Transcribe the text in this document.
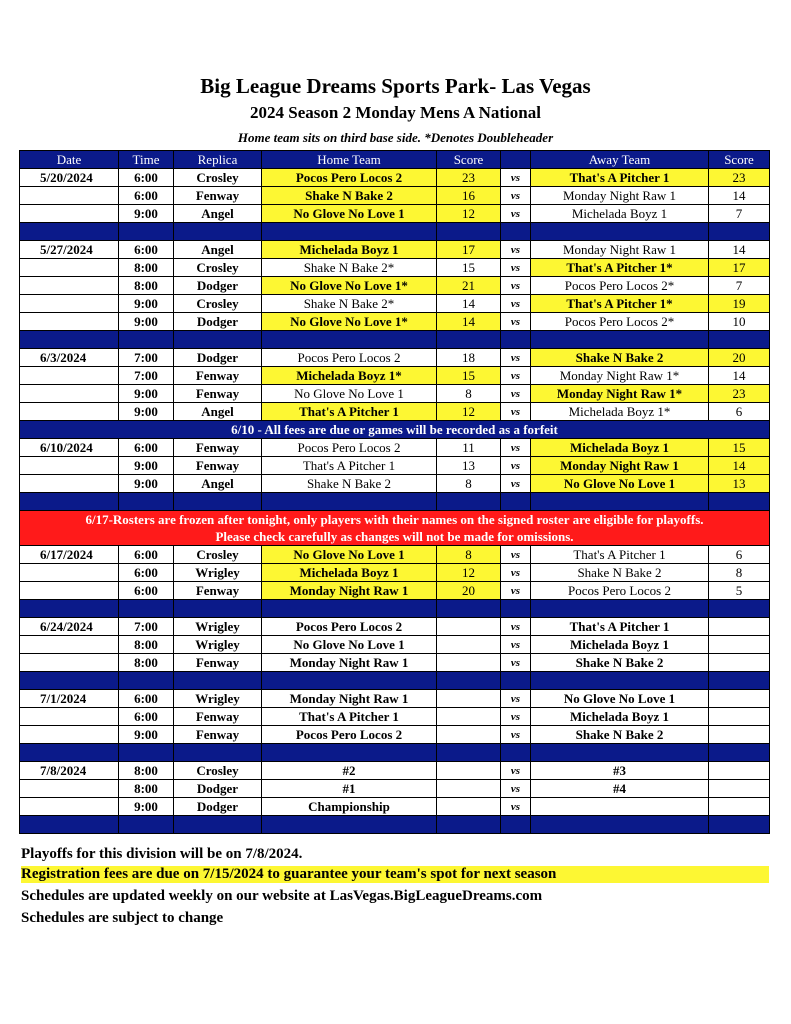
Big League Dreams Sports Park- Las Vegas
2024 Season 2 Monday Mens A National
Home team sits on third base side. *Denotes Doubleheader
Date	Time	Replica	Home Team	Score		Away Team	Score
5/20/2024	6:00	Crosley	Pocos Pero Locos 2	23	vs	That's A Pitcher 1	23
	6:00	Fenway	Shake N Bake 2	16	vs	Monday Night Raw 1	14
	9:00	Angel	No Glove No Love 1	12	vs	Michelada Boyz 1	7

5/27/2024	6:00	Angel	Michelada Boyz 1	17	vs	Monday Night Raw 1	14
	8:00	Crosley	Shake N Bake 2*	15	vs	That's A Pitcher 1*	17
	8:00	Dodger	No Glove No Love 1*	21	vs	Pocos Pero Locos 2*	7
	9:00	Crosley	Shake N Bake 2*	14	vs	That's A Pitcher 1*	19
	9:00	Dodger	No Glove No Love 1*	14	vs	Pocos Pero Locos 2*	10

6/3/2024	7:00	Dodger	Pocos Pero Locos 2	18	vs	Shake N Bake 2	20
	7:00	Fenway	Michelada Boyz 1*	15	vs	Monday Night Raw 1*	14
	9:00	Fenway	No Glove No Love 1	8	vs	Monday Night Raw 1*	23
	9:00	Angel	That's A Pitcher 1	12	vs	Michelada Boyz 1*	6
6/10 - All fees are due or games will be recorded as a forfeit							
6/10/2024	6:00	Fenway	Pocos Pero Locos 2	11	vs	Michelada Boyz 1	15
	9:00	Fenway	That's A Pitcher 1	13	vs	Monday Night Raw 1	14
	9:00	Angel	Shake N Bake 2	8	vs	No Glove No Love 1	13

6/17-Rosters are frozen after tonight, only players with their names on the signed roster are eligible for playoffs.							
Please check carefully as changes will not be made for omissions.							
6/17/2024	6:00	Crosley	No Glove No Love 1	8	vs	That's A Pitcher 1	6
	6:00	Wrigley	Michelada Boyz 1	12	vs	Shake N Bake 2	8
	6:00	Fenway	Monday Night Raw 1	20	vs	Pocos Pero Locos 2	5

6/24/2024	7:00	Wrigley	Pocos Pero Locos 2		vs	That's A Pitcher 1	
	8:00	Wrigley	No Glove No Love 1		vs	Michelada Boyz 1	
	8:00	Fenway	Monday Night Raw 1		vs	Shake N Bake 2	

7/1/2024	6:00	Wrigley	Monday Night Raw 1		vs	No Glove No Love 1	
	6:00	Fenway	That's A Pitcher 1		vs	Michelada Boyz 1	
	9:00	Fenway	Pocos Pero Locos 2		vs	Shake N Bake 2	

7/8/2024	8:00	Crosley	#2		vs	#3	
	8:00	Dodger	#1		vs	#4	
	9:00	Dodger	Championship		vs		

Playoffs for this division will be on 7/8/2024.
Registration fees are due on 7/15/2024 to guarantee your team's spot for next season
Schedules are updated weekly on our website at LasVegas.BigLeagueDreams.com
Schedules are subject to change
